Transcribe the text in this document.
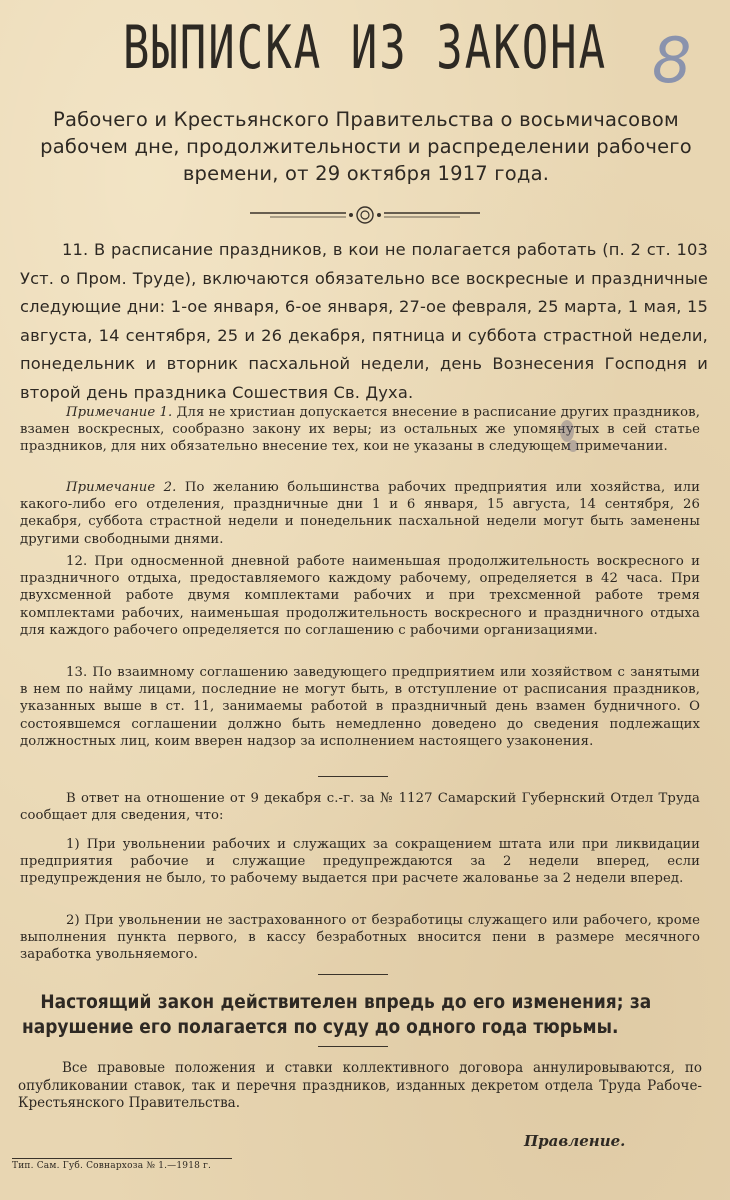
8
ВЫПИСКА ИЗ ЗАКОНА
Рабочего и Крестьянского Правительства о восьмичасовом рабочем дне, продолжительности и распределении рабочего времени, от 29 октября 1917 года.
11. В расписание праздников, в кои не полагается работать (п. 2 ст. 103 Уст. о Пром. Труде), включаются обязательно все воскресные и праздничные следующие дни: 1-ое января, 6-ое января, 27-ое февраля, 25 марта, 1 мая, 15 августа, 14 сентября, 25 и 26 декабря, пятница и суббота страстной недели, понедельник и вторник пасхальной недели, день Вознесения Господня и второй день праздника Сошествия Св. Духа.
Примечание 1. Для не христиан допускается внесение в расписание других праздников, взамен воскресных, сообразно закону их веры; из остальных же упомянутых в сей статье праздников, для них обязательно внесение тех, кои не указаны в следующем примечании.
Примечание 2. По желанию большинства рабочих предприятия или хозяйства, или какого-либо его отделения, праздничные дни 1 и 6 января, 15 августа, 14 сентября, 26 декабря, суббота страстной недели и понедельник пасхальной недели могут быть заменены другими свободными днями.
12. При односменной дневной работе наименьшая продолжительность воскресного и праздничного отдыха, предоставляемого каждому рабочему, определяется в 42 часа. При двухсменной работе двумя комплектами рабочих и при трехсменной работе тремя комплектами рабочих, наименьшая продолжительность воскресного и праздничного отдыха для каждого рабочего определяется по соглашению с рабочими организациями.
13. По взаимному соглашению заведующего предприятием или хозяйством с занятыми в нем по найму лицами, последние не могут быть, в отступление от расписания праздников, указанных выше в ст. 11, занимаемы работой в праздничный день взамен будничного. О состоявшемся соглашении должно быть немедленно доведено до сведения подлежащих должностных лиц, коим вверен надзор за исполнением настоящего узаконения.
В ответ на отношение от 9 декабря с.-г. за № 1127 Самарский Губернский Отдел Труда сообщает для сведения, что:
1) При увольнении рабочих и служащих за сокращением штата или при ликвидации предприятия рабочие и служащие предупреждаются за 2 недели вперед, если предупреждения не было, то рабочему выдается при расчете жалованье за 2 недели вперед.
2) При увольнении не застрахованного от безработицы служащего или рабочего, кроме выполнения пункта первого, в кассу безработных вносится пени в размере месячного заработка увольняемого.
Настоящий закон действителен впредь до его изменения; за нарушение его полагается по суду до одного года тюрьмы.
Все правовые положения и ставки коллективного договора аннулировываются, по опубликовании ставок, так и перечня праздников, изданных декретом отдела Труда Рабоче-Крестьянского Правительства.
Правление.
Тип. Сам. Губ. Совнархоза № 1.—1918 г.
